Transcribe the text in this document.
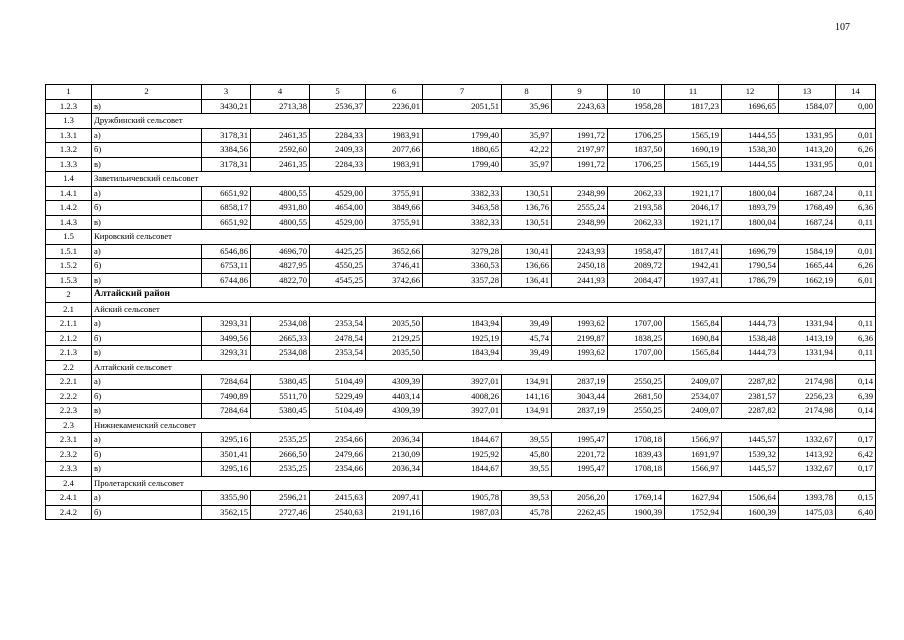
107
1	2	3	4	5	6	7	8	9	10	11	12	13	14
1.2.3	в)	3430,21	2713,38	2536,37	2236,01	2051,51	35,96	2243,63	1958,28	1817,23	1696,65	1584,07	0,00
1.3	Дружбинский сельсовет												
1.3.1	а)	3178,31	2461,35	2284,33	1983,91	1799,40	35,97	1991,72	1706,25	1565,19	1444,55	1331,95	0,01
1.3.2	б)	3384,56	2592,60	2409,33	2077,66	1880,65	42,22	2197,97	1837,50	1690,19	1538,30	1413,20	6,26
1.3.3	в)	3178,31	2461,35	2284,33	1983,91	1799,40	35,97	1991,72	1706,25	1565,19	1444,55	1331,95	0,01
1.4	Заветильичевский сельсовет												
1.4.1	а)	6651,92	4800,55	4529,00	3755,91	3382,33	130,51	2348,99	2062,33	1921,17	1800,04	1687,24	0,11
1.4.2	б)	6858,17	4931,80	4654,00	3849,66	3463,58	136,76	2555,24	2193,58	2046,17	1893,79	1768,49	6,36
1.4.3	в)	6651,92	4800,55	4529,00	3755,91	3382,33	130,51	2348,99	2062,33	1921,17	1800,04	1687,24	0,11
1.5	Кировский сельсовет												
1.5.1	а)	6546,86	4696,70	4425,25	3652,66	3279,28	130,41	2243,93	1958,47	1817,41	1696,79	1584,19	0,01
1.5.2	б)	6753,11	4827,95	4550,25	3746,41	3360,53	136,66	2450,18	2089,72	1942,41	1790,54	1665,44	6,26
1.5.3	в)	6744,86	4822,70	4545,25	3742,66	3357,28	136,41	2441,93	2084,47	1937,41	1786,79	1662,19	6,01
2	Алтайский район												
2.1	Айский сельсовет												
2.1.1	а)	3293,31	2534,08	2353,54	2035,50	1843,94	39,49	1993,62	1707,00	1565,84	1444,73	1331,94	0,11
2.1.2	б)	3499,56	2665,33	2478,54	2129,25	1925,19	45,74	2199,87	1838,25	1690,84	1538,48	1413,19	6,36
2.1.3	в)	3293,31	2534,08	2353,54	2035,50	1843,94	39,49	1993,62	1707,00	1565,84	1444,73	1331,94	0,11
2.2	Алтайский сельсовет												
2.2.1	а)	7284,64	5380,45	5104,49	4309,39	3927,01	134,91	2837,19	2550,25	2409,07	2287,82	2174,98	0,14
2.2.2	б)	7490,89	5511,70	5229,49	4403,14	4008,26	141,16	3043,44	2681,50	2534,07	2381,57	2256,23	6,39
2.2.3	в)	7284,64	5380,45	5104,49	4309,39	3927,01	134,91	2837,19	2550,25	2409,07	2287,82	2174,98	0,14
2.3	Нижнекаменский сельсовет												
2.3.1	а)	3295,16	2535,25	2354,66	2036,34	1844,67	39,55	1995,47	1708,18	1566,97	1445,57	1332,67	0,17
2.3.2	б)	3501,41	2666,50	2479,66	2130,09	1925,92	45,80	2201,72	1839,43	1691,97	1539,32	1413,92	6,42
2.3.3	в)	3295,16	2535,25	2354,66	2036,34	1844,67	39,55	1995,47	1708,18	1566,97	1445,57	1332,67	0,17
2.4	Пролетарский сельсовет												
2.4.1	а)	3355,90	2596,21	2415,63	2097,41	1905,78	39,53	2056,20	1769,14	1627,94	1506,64	1393,78	0,15
2.4.2	б)	3562,15	2727,46	2540,63	2191,16	1987,03	45,78	2262,45	1900,39	1752,94	1600,39	1475,03	6,40
